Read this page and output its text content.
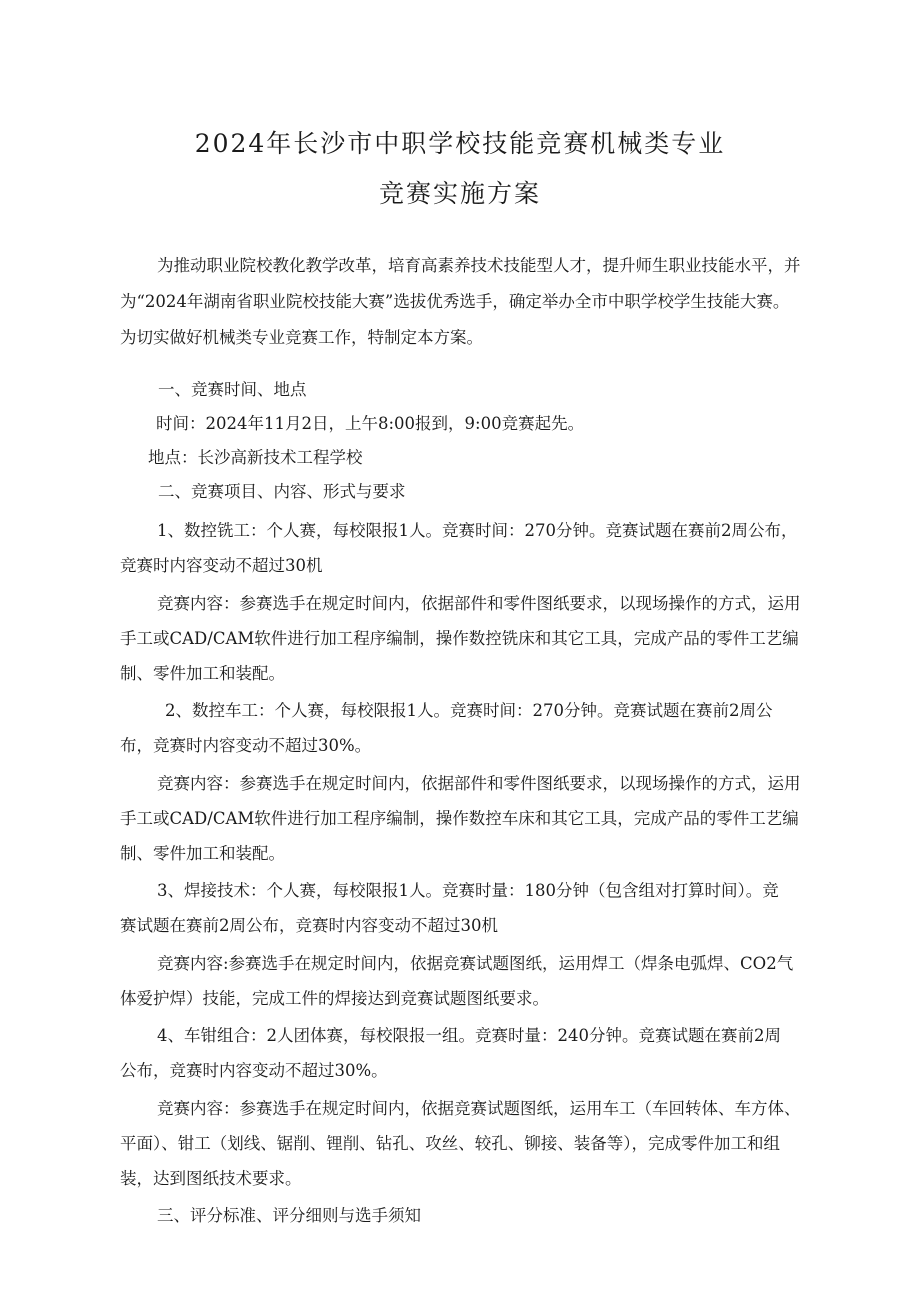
2024年长沙市中职学校技能竞赛机械类专业
竞赛实施方案

为推动职业院校教化教学改革，培育高素养技术技能型人才，提升师生职业技能水平，并

为“2024年湖南省职业院校技能大赛”选拔优秀选手，确定举办全市中职学校学生技能大赛。

为切实做好机械类专业竞赛工作，特制定本方案。

一、竞赛时间、地点

时间：2024年11月2日，上午8:00报到，9:00竞赛起先。

地点：长沙高新技术工程学校

二、竞赛项目、内容、形式与要求

1、数控铣工：个人赛，每校限报1人。竞赛时间：270分钟。竞赛试题在赛前2周公布，

竞赛时内容变动不超过30机

竞赛内容：参赛选手在规定时间内，依据部件和零件图纸要求，以现场操作的方式，运用

手工或CAD/CAM软件进行加工程序编制，操作数控铣床和其它工具，完成产品的零件工艺编

制、零件加工和装配。

2、数控车工：个人赛，每校限报1人。竞赛时间：270分钟。竞赛试题在赛前2周公

布，竞赛时内容变动不超过30%。

竞赛内容：参赛选手在规定时间内，依据部件和零件图纸要求，以现场操作的方式，运用

手工或CAD/CAM软件进行加工程序编制，操作数控车床和其它工具，完成产品的零件工艺编

制、零件加工和装配。

3、焊接技术：个人赛，每校限报1人。竞赛时量：180分钟（包含组对打算时间）。竞

赛试题在赛前2周公布，竞赛时内容变动不超过30机

竞赛内容:参赛选手在规定时间内，依据竞赛试题图纸，运用焊工（焊条电弧焊、CO2气

体爱护焊）技能，完成工件的焊接达到竞赛试题图纸要求。

4、车钳组合：2人团体赛，每校限报一组。竞赛时量：240分钟。竞赛试题在赛前2周

公布，竞赛时内容变动不超过30%。

竞赛内容：参赛选手在规定时间内，依据竞赛试题图纸，运用车工（车回转体、车方体、

平面）、钳工（划线、锯削、锂削、钻孔、攻丝、较孔、铆接、装备等），完成零件加工和组

装，达到图纸技术要求。

三、评分标准、评分细则与选手须知
